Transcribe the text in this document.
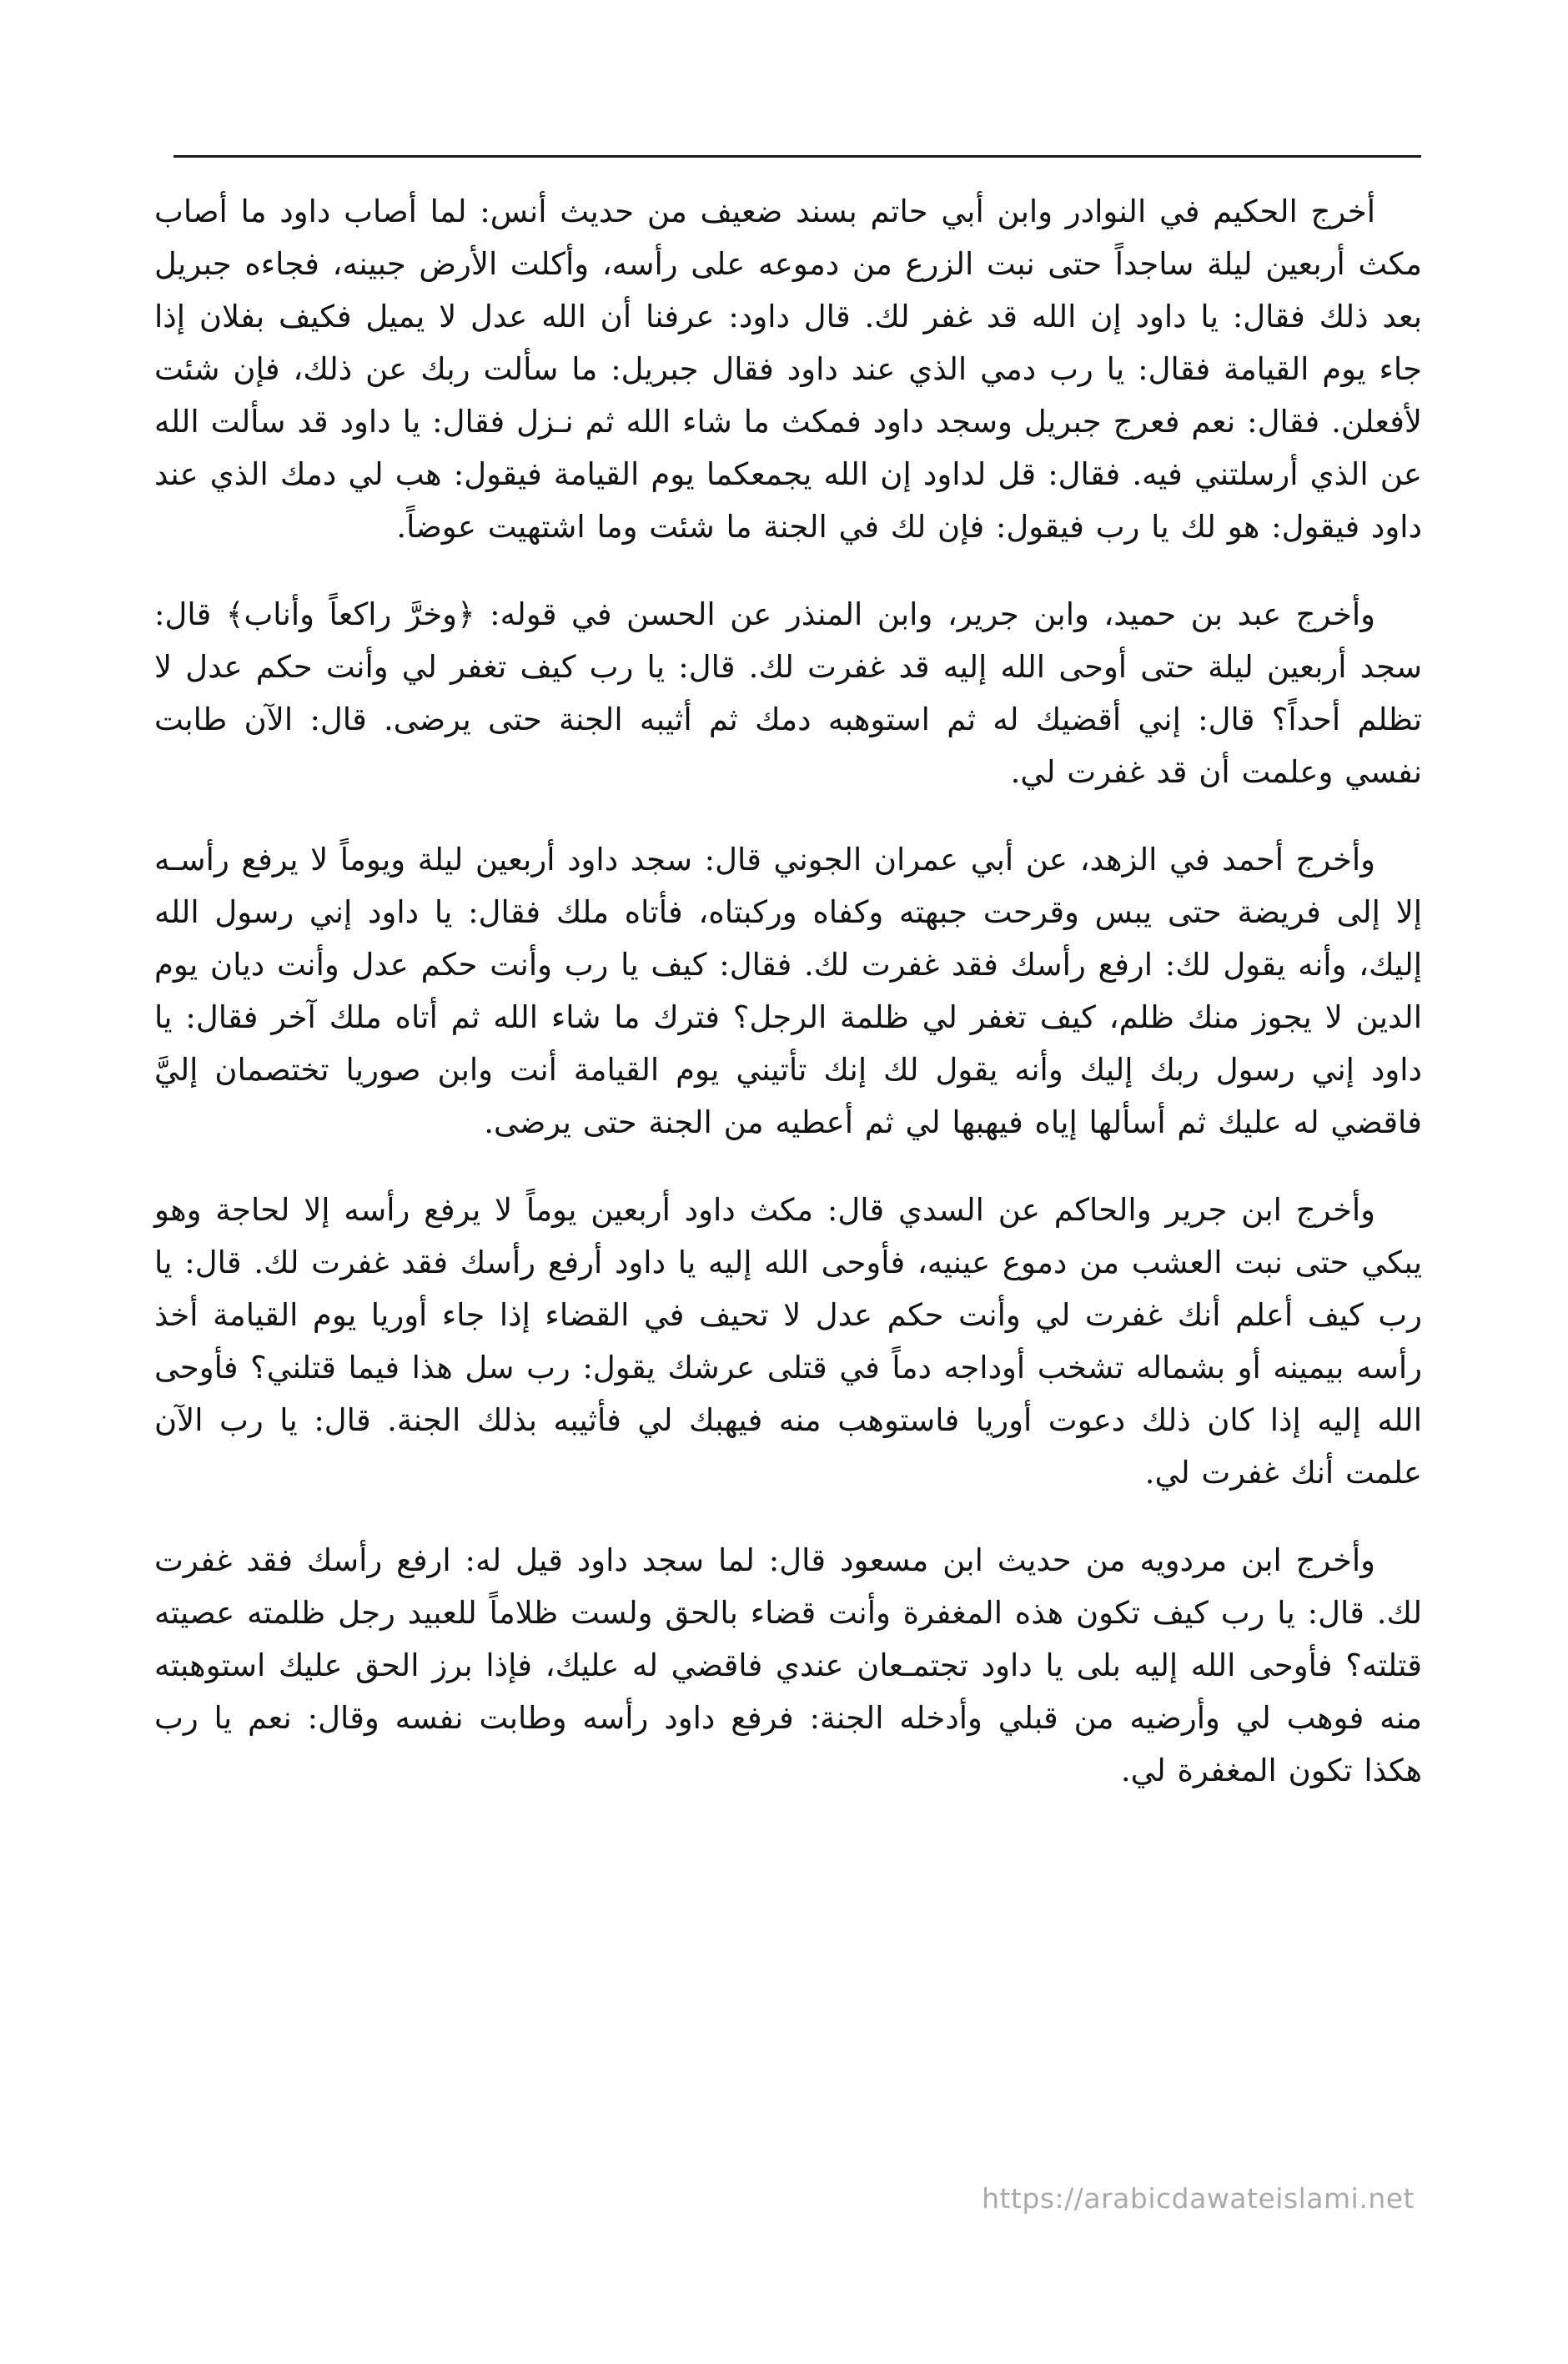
أخرج الحكيم في النوادر وابن أبي حاتم بسند ضعيف من حديث أنس: لما أصاب داود ما أصاب مكث أربعين ليلة ساجداً حتى نبت الزرع من دموعه على رأسه، وأكلت الأرض جبينه، فجاءه جبريل بعد ذلك فقال: يا داود إن الله قد غفر لك. قال داود: عرفنا أن الله عدل لا يميل فكيف بفلان إذا جاء يوم القيامة فقال: يا رب دمي الذي عند داود فقال جبريل: ما سألت ربك عن ذلك، فإن شئت لأفعلن. فقال: نعم فعرج جبريل وسجد داود فمكث ما شاء الله ثم نـزل فقال: يا داود قد سألت الله عن الذي أرسلتني فيه. فقال: قل لداود إن الله يجمعكما يوم القيامة فيقول: هب لي دمك الذي عند داود فيقول: هو لك يا رب فيقول: فإن لك في الجنة ما شئت وما اشتهيت عوضاً.

وأخرج عبد بن حميد، وابن جرير، وابن المنذر عن الحسن في قوله: ﴿وخرَّ راكعاً وأناب﴾ قال: سجد أربعين ليلة حتى أوحى الله إليه قد غفرت لك. قال: يا رب كيف تغفر لي وأنت حكم عدل لا تظلم أحداً؟ قال: إني أقضيك له ثم استوهبه دمك ثم أثيبه الجنة حتى يرضى. قال: الآن طابت نفسي وعلمت أن قد غفرت لي.

وأخرج أحمد في الزهد، عن أبي عمران الجوني قال: سجد داود أربعين ليلة ويوماً لا يرفع رأسـه إلا إلى فريضة حتى يبس وقرحت جبهته وكفاه وركبتاه، فأتاه ملك فقال: يا داود إني رسول الله إليك، وأنه يقول لك: ارفع رأسك فقد غفرت لك. فقال: كيف يا رب وأنت حكم عدل وأنت ديان يوم الدين لا يجوز منك ظلم، كيف تغفر لي ظلمة الرجل؟ فترك ما شاء الله ثم أتاه ملك آخر فقال: يا داود إني رسول ربك إليك وأنه يقول لك إنك تأتيني يوم القيامة أنت وابن صوريا تختصمان إليَّ فاقضي له عليك ثم أسألها إياه فيهبها لي ثم أعطيه من الجنة حتى يرضى.

وأخرج ابن جرير والحاكم عن السدي قال: مكث داود أربعين يوماً لا يرفع رأسه إلا لحاجة وهو يبكي حتى نبت العشب من دموع عينيه، فأوحى الله إليه يا داود أرفع رأسك فقد غفرت لك. قال: يا رب كيف أعلم أنك غفرت لي وأنت حكم عدل لا تحيف في القضاء إذا جاء أوريا يوم القيامة أخذ رأسه بيمينه أو بشماله تشخب أوداجه دماً في قتلى عرشك يقول: رب سل هذا فيما قتلني؟ فأوحى الله إليه إذا كان ذلك دعوت أوريا فاستوهب منه فيهبك لي فأثيبه بذلك الجنة. قال: يا رب الآن علمت أنك غفرت لي.

وأخرج ابن مردويه من حديث ابن مسعود قال: لما سجد داود قيل له: ارفع رأسك فقد غفرت لك. قال: يا رب كيف تكون هذه المغفرة وأنت قضاء بالحق ولست ظلاماً للعبيد رجل ظلمته عصيته قتلته؟ فأوحى الله إليه بلى يا داود تجتمـعان عندي فاقضي له عليك، فإذا برز الحق عليك استوهبته منه فوهب لي وأرضيه من قبلي وأدخله الجنة: فرفع داود رأسه وطابت نفسه وقال: نعم يا رب هكذا تكون المغفرة لي.

https://arabicdawateislami.net
